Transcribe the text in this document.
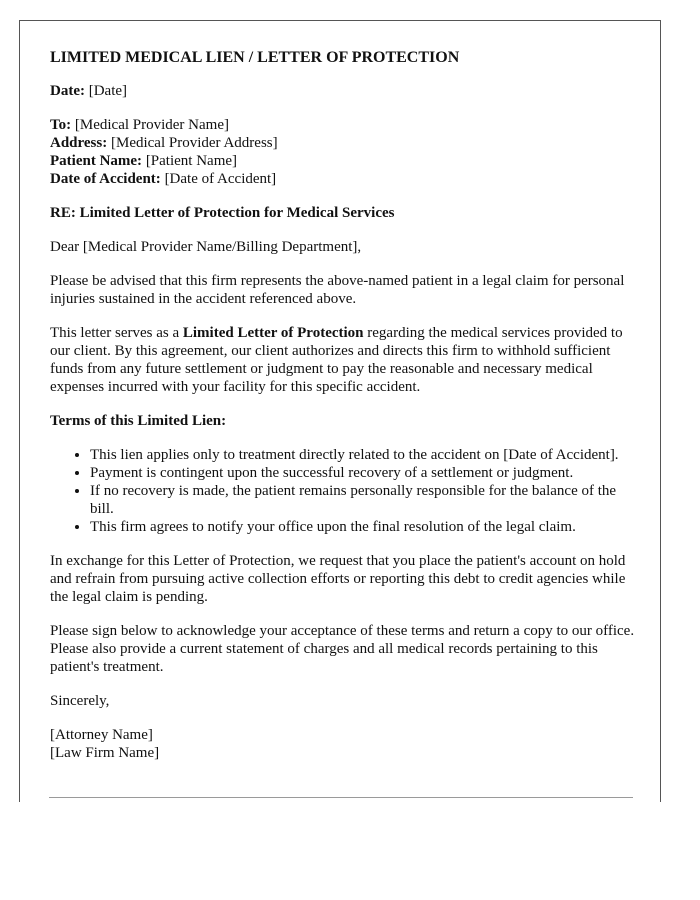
LIMITED MEDICAL LIEN / LETTER OF PROTECTION

Date: [Date]

To: [Medical Provider Name]

Address: [Medical Provider Address]

Patient Name: [Patient Name]

Date of Accident: [Date of Accident]

RE: Limited Letter of Protection for Medical Services

Dear [Medical Provider Name/Billing Department],

Please be advised that this firm represents the above-named patient in a legal claim for personal injuries sustained in the accident referenced above.

This letter serves as a Limited Letter of Protection regarding the medical services provided to our client. By this agreement, our client authorizes and directs this firm to withhold sufficient funds from any future settlement or judgment to pay the reasonable and necessary medical expenses incurred with your facility for this specific accident.

Terms of this Limited Lien:

• This lien applies only to treatment directly related to the accident on [Date of Accident].
• Payment is contingent upon the successful recovery of a settlement or judgment.
• If no recovery is made, the patient remains personally responsible for the balance of the bill.
• This firm agrees to notify your office upon the final resolution of the legal claim.

In exchange for this Letter of Protection, we request that you place the patient's account on hold and refrain from pursuing active collection efforts or reporting this debt to credit agencies while the legal claim is pending.

Please sign below to acknowledge your acceptance of these terms and return a copy to our office. Please also provide a current statement of charges and all medical records pertaining to this patient's treatment.

Sincerely,

[Attorney Name]

[Law Firm Name]
